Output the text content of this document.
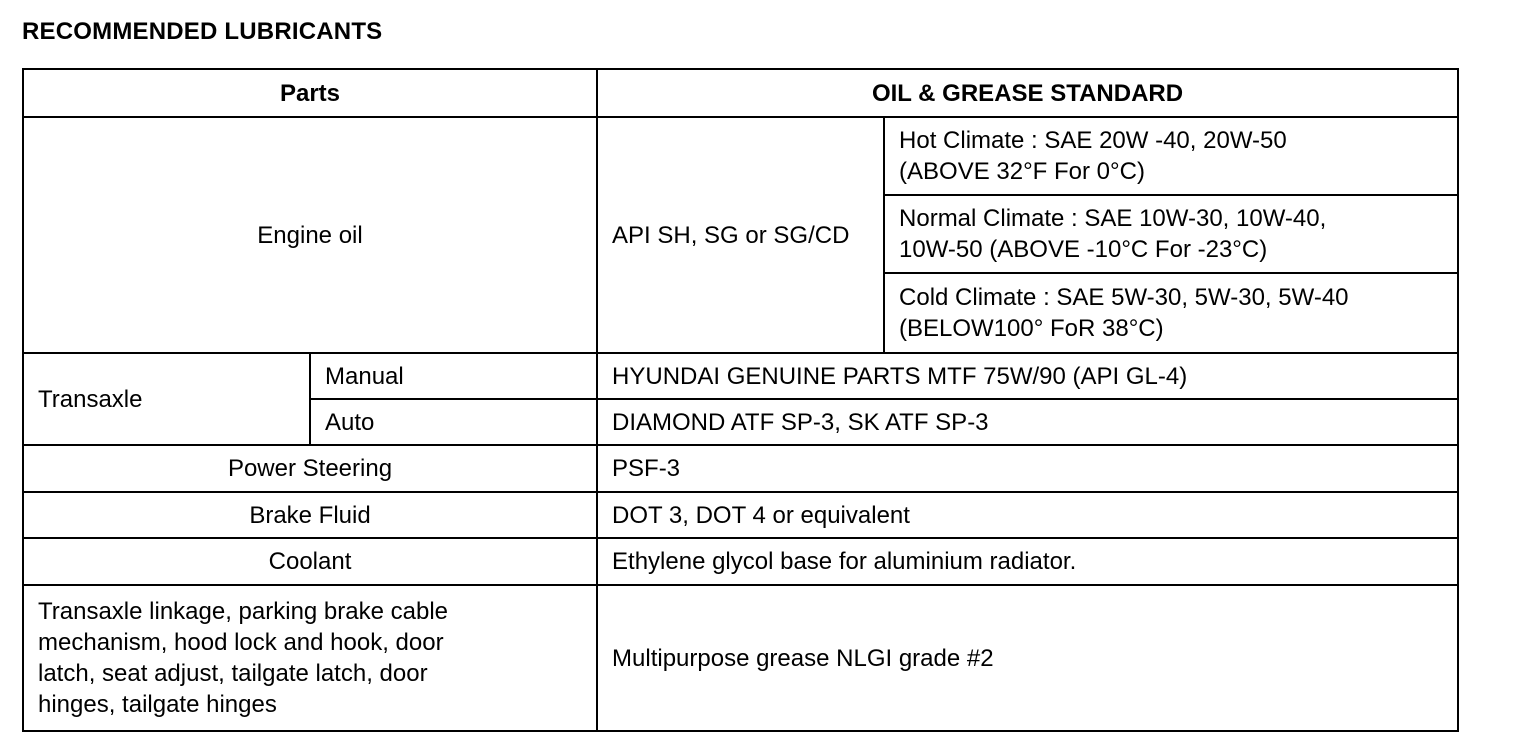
RECOMMENDED LUBRICANTS
Parts		OIL & GREASE STANDARD	
Engine oil		API SH, SG or SG/CD	Hot Climate : SAE 20W -40, 20W-50
(ABOVE 32°F For 0°C)

			Normal Climate : SAE 10W-30, 10W-40,
10W-50 (ABOVE -10°C For -23°C)

			Cold Climate : SAE 5W-30, 5W-30, 5W-40
(BELOW100° FoR 38°C)

Transaxle	Manual	HYUNDAI GENUINE PARTS MTF 75W/90 (API GL-4)	
	Auto	DIAMOND ATF SP-3, SK ATF SP-3	
Power Steering		PSF-3	
Brake Fluid		DOT 3, DOT 4 or equivalent	
Coolant		Ethylene glycol base for aluminium radiator.	

Transaxle linkage, parking brake cable
mechanism, hood lock and hook, door
latch, seat adjust, tailgate latch, door
hinges, tailgate hinges		Multipurpose grease NLGI grade #2	
